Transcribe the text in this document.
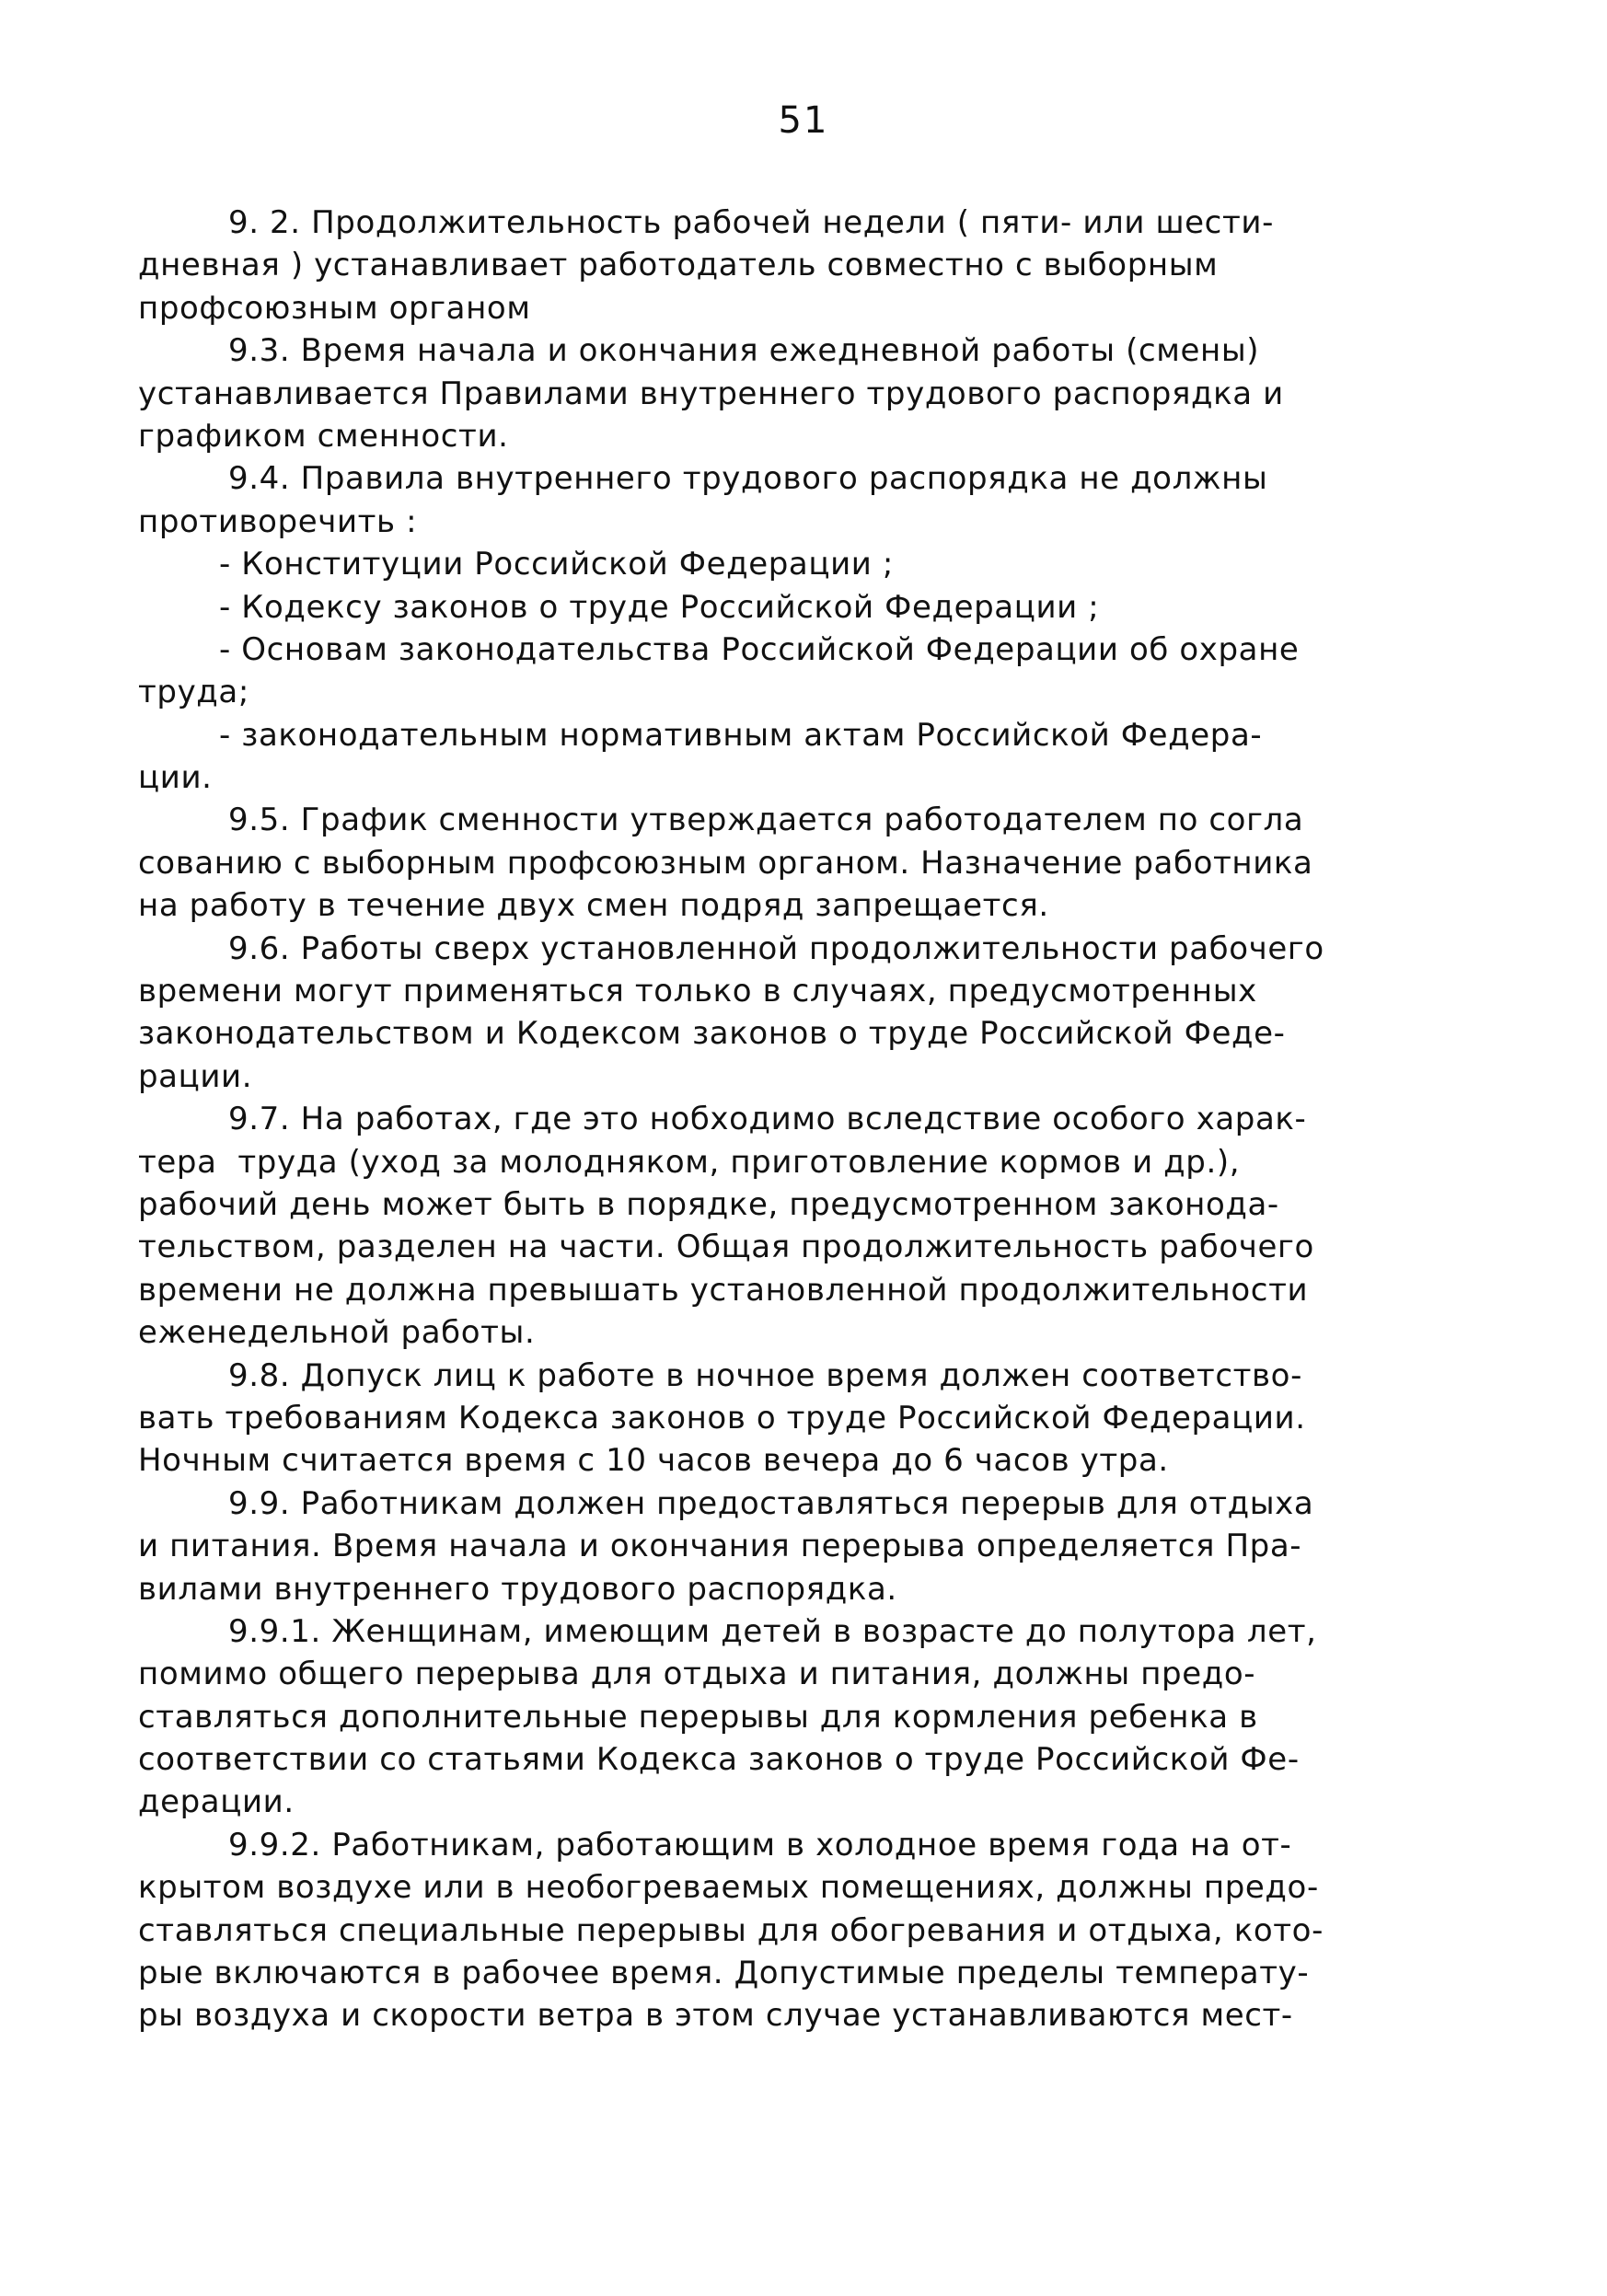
51
9. 2. Продолжительность рабочей недели ( пяти- или шести-
дневная ) устанавливает работодатель совместно с выборным
профсоюзным органом
9.3. Время начала и окончания ежедневной работы (смены)
устанавливается Правилами внутреннего трудового распорядка и
графиком сменности.
9.4. Правила внутреннего трудового распорядка не должны
противоречить :
- Конституции Российской Федерации ;
- Кодексу законов о труде Российской Федерации ;
- Основам законодательства Российской Федерации об охране
труда;
- законодательным нормативным актам Российской Федера-
ции.
9.5. График сменности утверждается работодателем по согла
сованию с выборным профсоюзным органом. Назначение работника
на работу в течение двух смен подряд запрещается.
9.6. Работы сверх установленной продолжительности рабочего
времени могут применяться только в случаях, предусмотренных
законодательством и Кодексом законов о труде Российской Феде-
рации.
9.7. На работах, где это нобходимо вследствие особого харак-
тера  труда (уход за молодняком, приготовление кормов и др.),
рабочий день может быть в порядке, предусмотренном законода-
тельством, разделен на части. Общая продолжительность рабочего
времени не должна превышать установленной продолжительности
еженедельной работы.
9.8. Допуск лиц к работе в ночное время должен соответство-
вать требованиям Кодекса законов о труде Российской Федерации.
Ночным считается время с 10 часов вечера до 6 часов утра.
9.9. Работникам должен предоставляться перерыв для отдыха
и питания. Время начала и окончания перерыва определяется Пра-
вилами внутреннего трудового распорядка.
9.9.1. Женщинам, имеющим детей в возрасте до полутора лет,
помимо общего перерыва для отдыха и питания, должны предо-
ставляться дополнительные перерывы для кормления ребенка в
соответствии со статьями Кодекса законов о труде Российской Фе-
дерации.
9.9.2. Работникам, работающим в холодное время года на от-
крытом воздухе или в необогреваемых помещениях, должны предо-
ставляться специальные перерывы для обогревания и отдыха, кото-
рые включаются в рабочее время. Допустимые пределы температу-
ры воздуха и скорости ветра в этом случае устанавливаются мест-
